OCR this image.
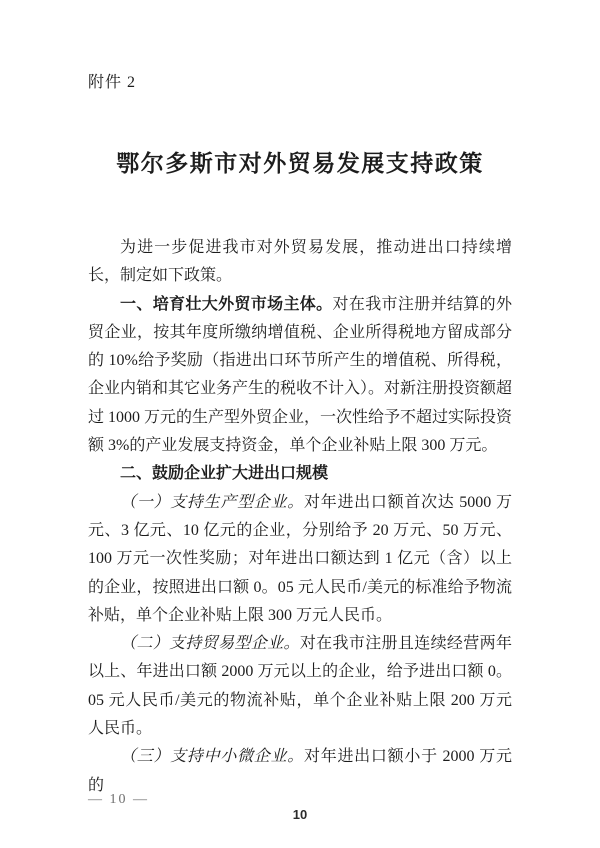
附件 2
鄂尔多斯市对外贸易发展支持政策

为进一步促进我市对外贸易发展，推动进出口持续增长，制定如下政策。

一、培育壮大外贸市场主体。对在我市注册并结算的外贸企业，按其年度所缴纳增值税、企业所得税地方留成部分的 10%给予奖励（指进出口环节所产生的增值税、所得税，企业内销和其它业务产生的税收不计入）。对新注册投资额超过 1000 万元的生产型外贸企业，一次性给予不超过实际投资额 3%的产业发展支持资金，单个企业补贴上限 300 万元。

二、鼓励企业扩大进出口规模

（一）支持生产型企业。对年进出口额首次达 5000 万元、3 亿元、10 亿元的企业，分别给予 20 万元、50 万元、100 万元一次性奖励；对年进出口额达到 1 亿元（含）以上的企业，按照进出口额 0。05 元人民币/美元的标准给予物流补贴，单个企业补贴上限 300 万元人民币。

（二）支持贸易型企业。对在我市注册且连续经营两年以上、年进出口额 2000 万元以上的企业，给予进出口额 0。05 元人民币/美元的物流补贴，单个企业补贴上限 200 万元人民币。

（三）支持中小微企业。对年进出口额小于 2000 万元的

— 10 —
10
